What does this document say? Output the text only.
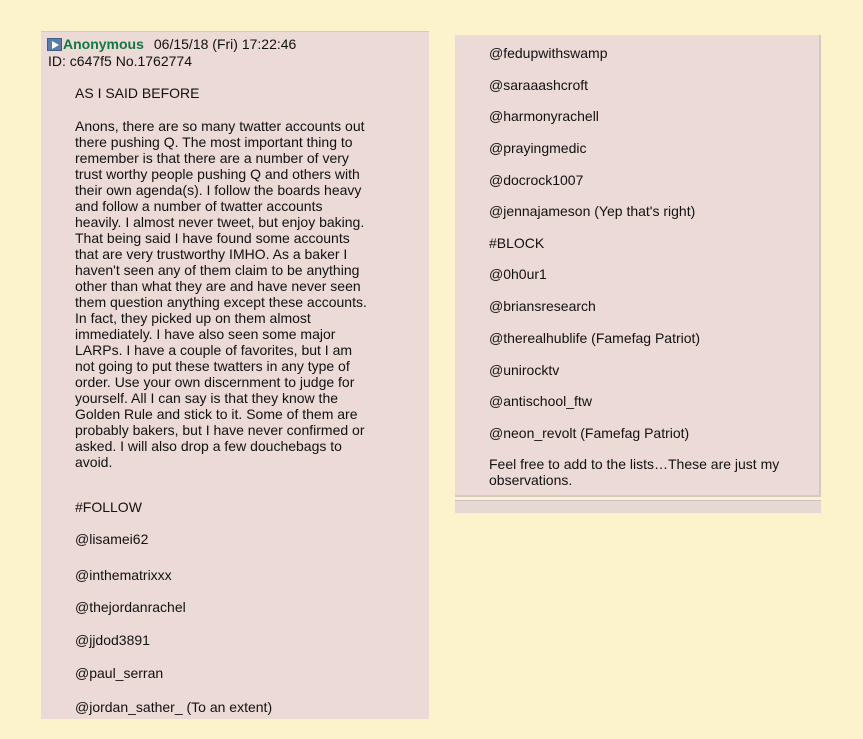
Anonymous 06/15/18 (Fri) 17:22:46
ID: c647f5 No.1762774
AS I SAID BEFORE
Anons, there are so many twatter accounts out
there pushing Q. The most important thing to
remember is that there are a number of very
trust worthy people pushing Q and others with
their own agenda(s). I follow the boards heavy
and follow a number of twatter accounts
heavily. I almost never tweet, but enjoy baking.
That being said I have found some accounts
that are very trustworthy IMHO. As a baker I
haven't seen any of them claim to be anything
other than what they are and have never seen
them question anything except these accounts.
In fact, they picked up on them almost
immediately. I have also seen some major
LARPs. I have a couple of favorites, but I am
not going to put these twatters in any type of
order. Use your own discernment to judge for
yourself. All I can say is that they know the
Golden Rule and stick to it. Some of them are
probably bakers, but I have never confirmed or
asked. I will also drop a few douchebags to
avoid.
#FOLLOW
@lisamei62
@inthematrixxx
@thejordanrachel
@jjdod3891
@paul_serran
@jordan_sather_ (To an extent)
@fedupwithswamp
@saraaashcroft
@harmonyrachell
@prayingmedic
@docrock1007
@jennajameson (Yep that's right)
#BLOCK
@0h0ur1
@briansresearch
@therealhublife (Famefag Patriot)
@unirocktv
@antischool_ftw
@neon_revolt (Famefag Patriot)
Feel free to add to the lists…These are just my
observations.
